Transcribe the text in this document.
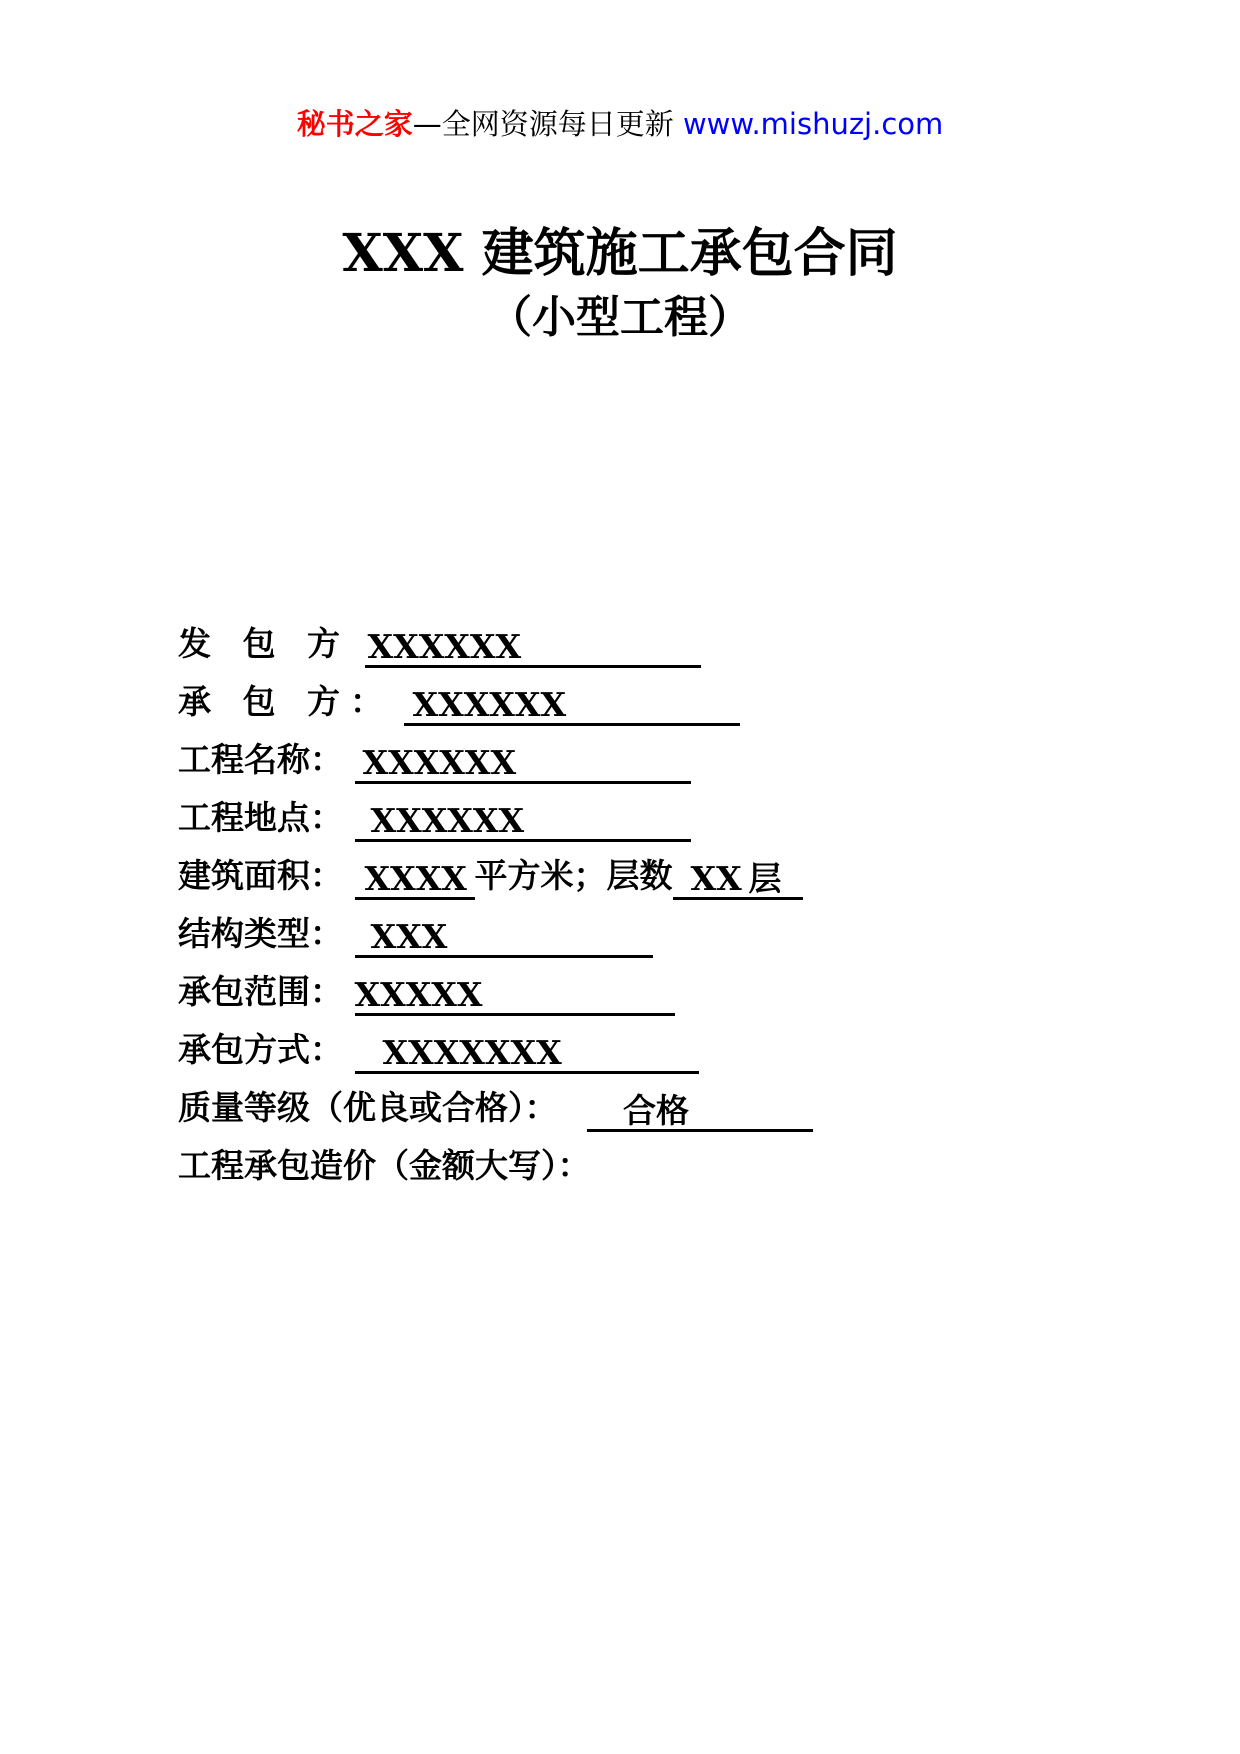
秘书之家—全网资源每日更新 www.mishuzj.com
XXX 建筑施工承包合同
（小型工程）
发 包 方 XXXXXX
承 包 方： XXXXXX
工程名称： XXXXXX
工程地点： XXXXXX
建筑面积： XXXX 平方米；层数 XX 层
结构类型： XXX
承包范围： XXXXX
承包方式： XXXXXXX
质量等级（优良或合格）： 合格
工程承包造价（金额大写）：
